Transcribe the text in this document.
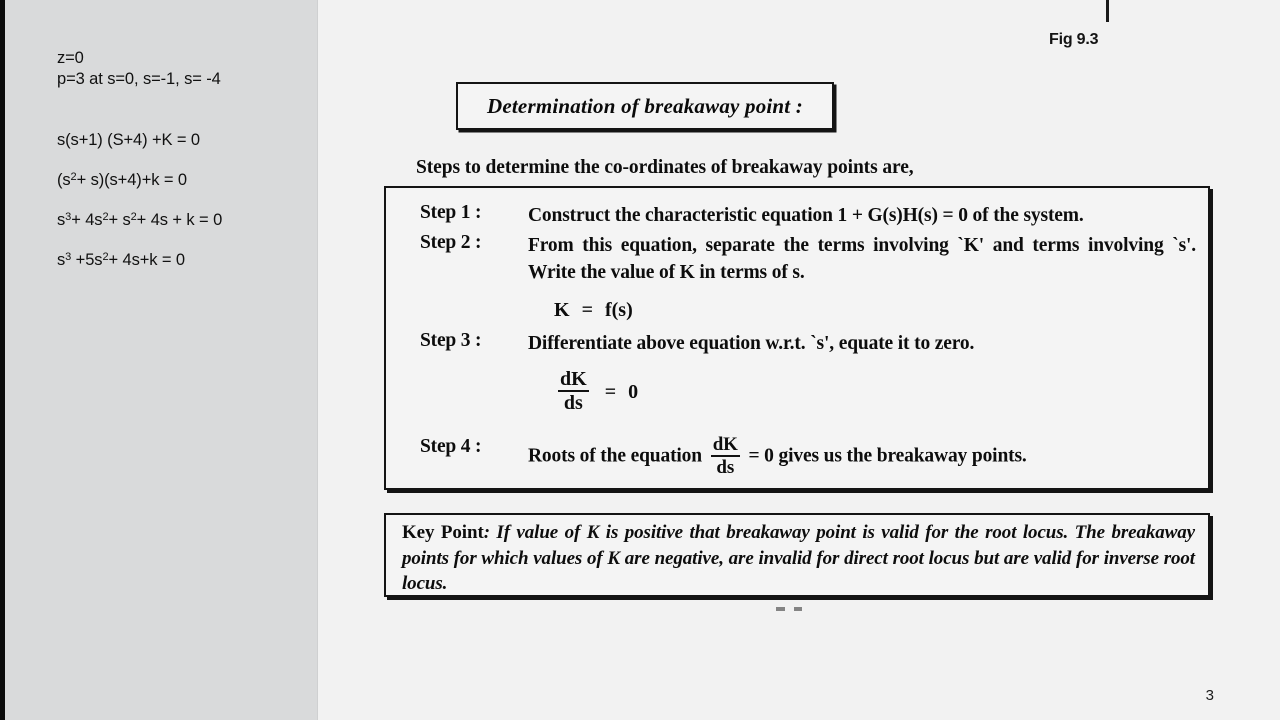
z=0
p=3 at s=0, s=-1, s= -4
s(s+1) (S+4) +K = 0
$(s^2+ s)(s+4)+k = 0$
$s^3+ 4s^2+ s^2+ 4s + k = 0$
$s^3 +5s^2+ 4s+k = 0$
Fig 9.3
Determination of breakaway point :
Steps to determine the co-ordinates of breakaway points are,
Step 1 :	Construct the characteristic equation 1 + G(s)H(s) = 0 of the system.
Step 2 :	From this equation, separate the terms involving `K' and terms involving `s'. Write the value of K in terms of s.
K = f(s)
Step 3 :	Differentiate above equation w.r.t. `s', equate it to zero.
$\frac{dK}{ds} = 0$
Step 4 :	Roots of the equation $\frac{dK}{ds} = 0$ gives us the breakaway points.
Key Point: If value of K is positive that breakaway point is valid for the root locus. The breakaway points for which values of K are negative, are invalid for direct root locus but are valid for inverse root locus.
3
